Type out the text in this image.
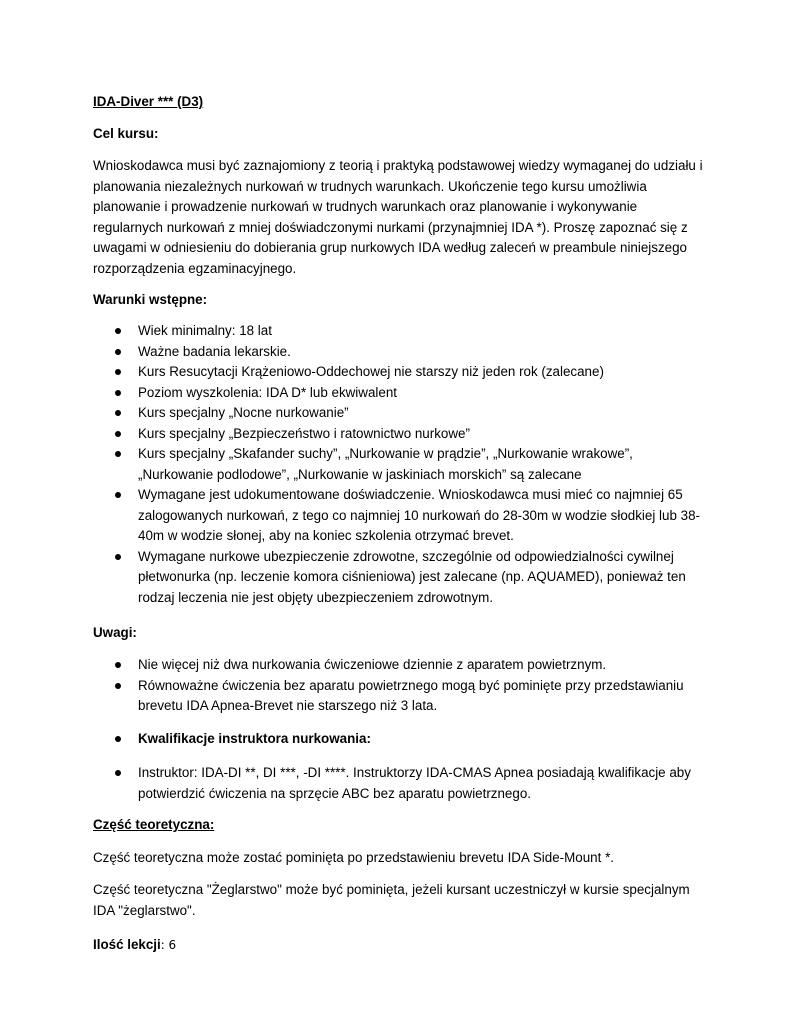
IDA-Diver *** (D3)

Cel kursu:

Wnioskodawca musi być zaznajomiony z teorią i praktyką podstawowej wiedzy wymaganej do udziału i planowania niezależnych nurkowań w trudnych warunkach. Ukończenie tego kursu umożliwia planowanie i prowadzenie nurkowań w trudnych warunkach oraz planowanie i wykonywanie regularnych nurkowań z mniej doświadczonymi nurkami (przynajmniej IDA *). Proszę zapoznać się z uwagami w odniesieniu do dobierania grup nurkowych IDA według zaleceń w preambule niniejszego rozporządzenia egzaminacyjnego.

Warunki wstępne:

Wiek minimalny: 18 lat
Ważne badania lekarskie.
Kurs Resucytacji Krążeniowo-Oddechowej nie starszy niż jeden rok (zalecane)
Poziom wyszkolenia: IDA D* lub ekwiwalent
Kurs specjalny „Nocne nurkowanie”
Kurs specjalny „Bezpieczeństwo i ratownictwo nurkowe”
Kurs specjalny „Skafander suchy”, „Nurkowanie w prądzie”, „Nurkowanie wrakowe”, „Nurkowanie podlodowe”, „Nurkowanie w jaskiniach morskich” są zalecane
Wymagane jest udokumentowane doświadczenie. Wnioskodawca musi mieć co najmniej 65 zalogowanych nurkowań, z tego co najmniej 10 nurkowań do 28-30m w wodzie słodkiej lub 38-40m w wodzie słonej, aby na koniec szkolenia otrzymać brevet.
Wymagane nurkowe ubezpieczenie zdrowotne, szczególnie od odpowiedzialności cywilnej płetwonurka (np. leczenie komora ciśnieniowa) jest zalecane (np. AQUAMED), ponieważ ten rodzaj leczenia nie jest objęty ubezpieczeniem zdrowotnym.

Uwagi:

Nie więcej niż dwa nurkowania ćwiczeniowe dziennie z aparatem powietrznym.
Równoważne ćwiczenia bez aparatu powietrznego mogą być pominięte przy przedstawianiu brevetu IDA Apnea-Brevet nie starszego niż 3 lata.
Kwalifikacje instruktora nurkowania:
Instruktor: IDA-DI **, DI ***, -DI ****. Instruktorzy IDA-CMAS Apnea posiadają kwalifikacje aby potwierdzić ćwiczenia na sprzęcie ABC bez aparatu powietrznego.

Część teoretyczna:

Część teoretyczna może zostać pominięta po przedstawieniu brevetu IDA Side-Mount *.

Część teoretyczna "Żeglarstwo" może być pominięta, jeżeli kursant uczestniczył w kursie specjalnym IDA "żeglarstwo".

Ilość lekcji: 6
